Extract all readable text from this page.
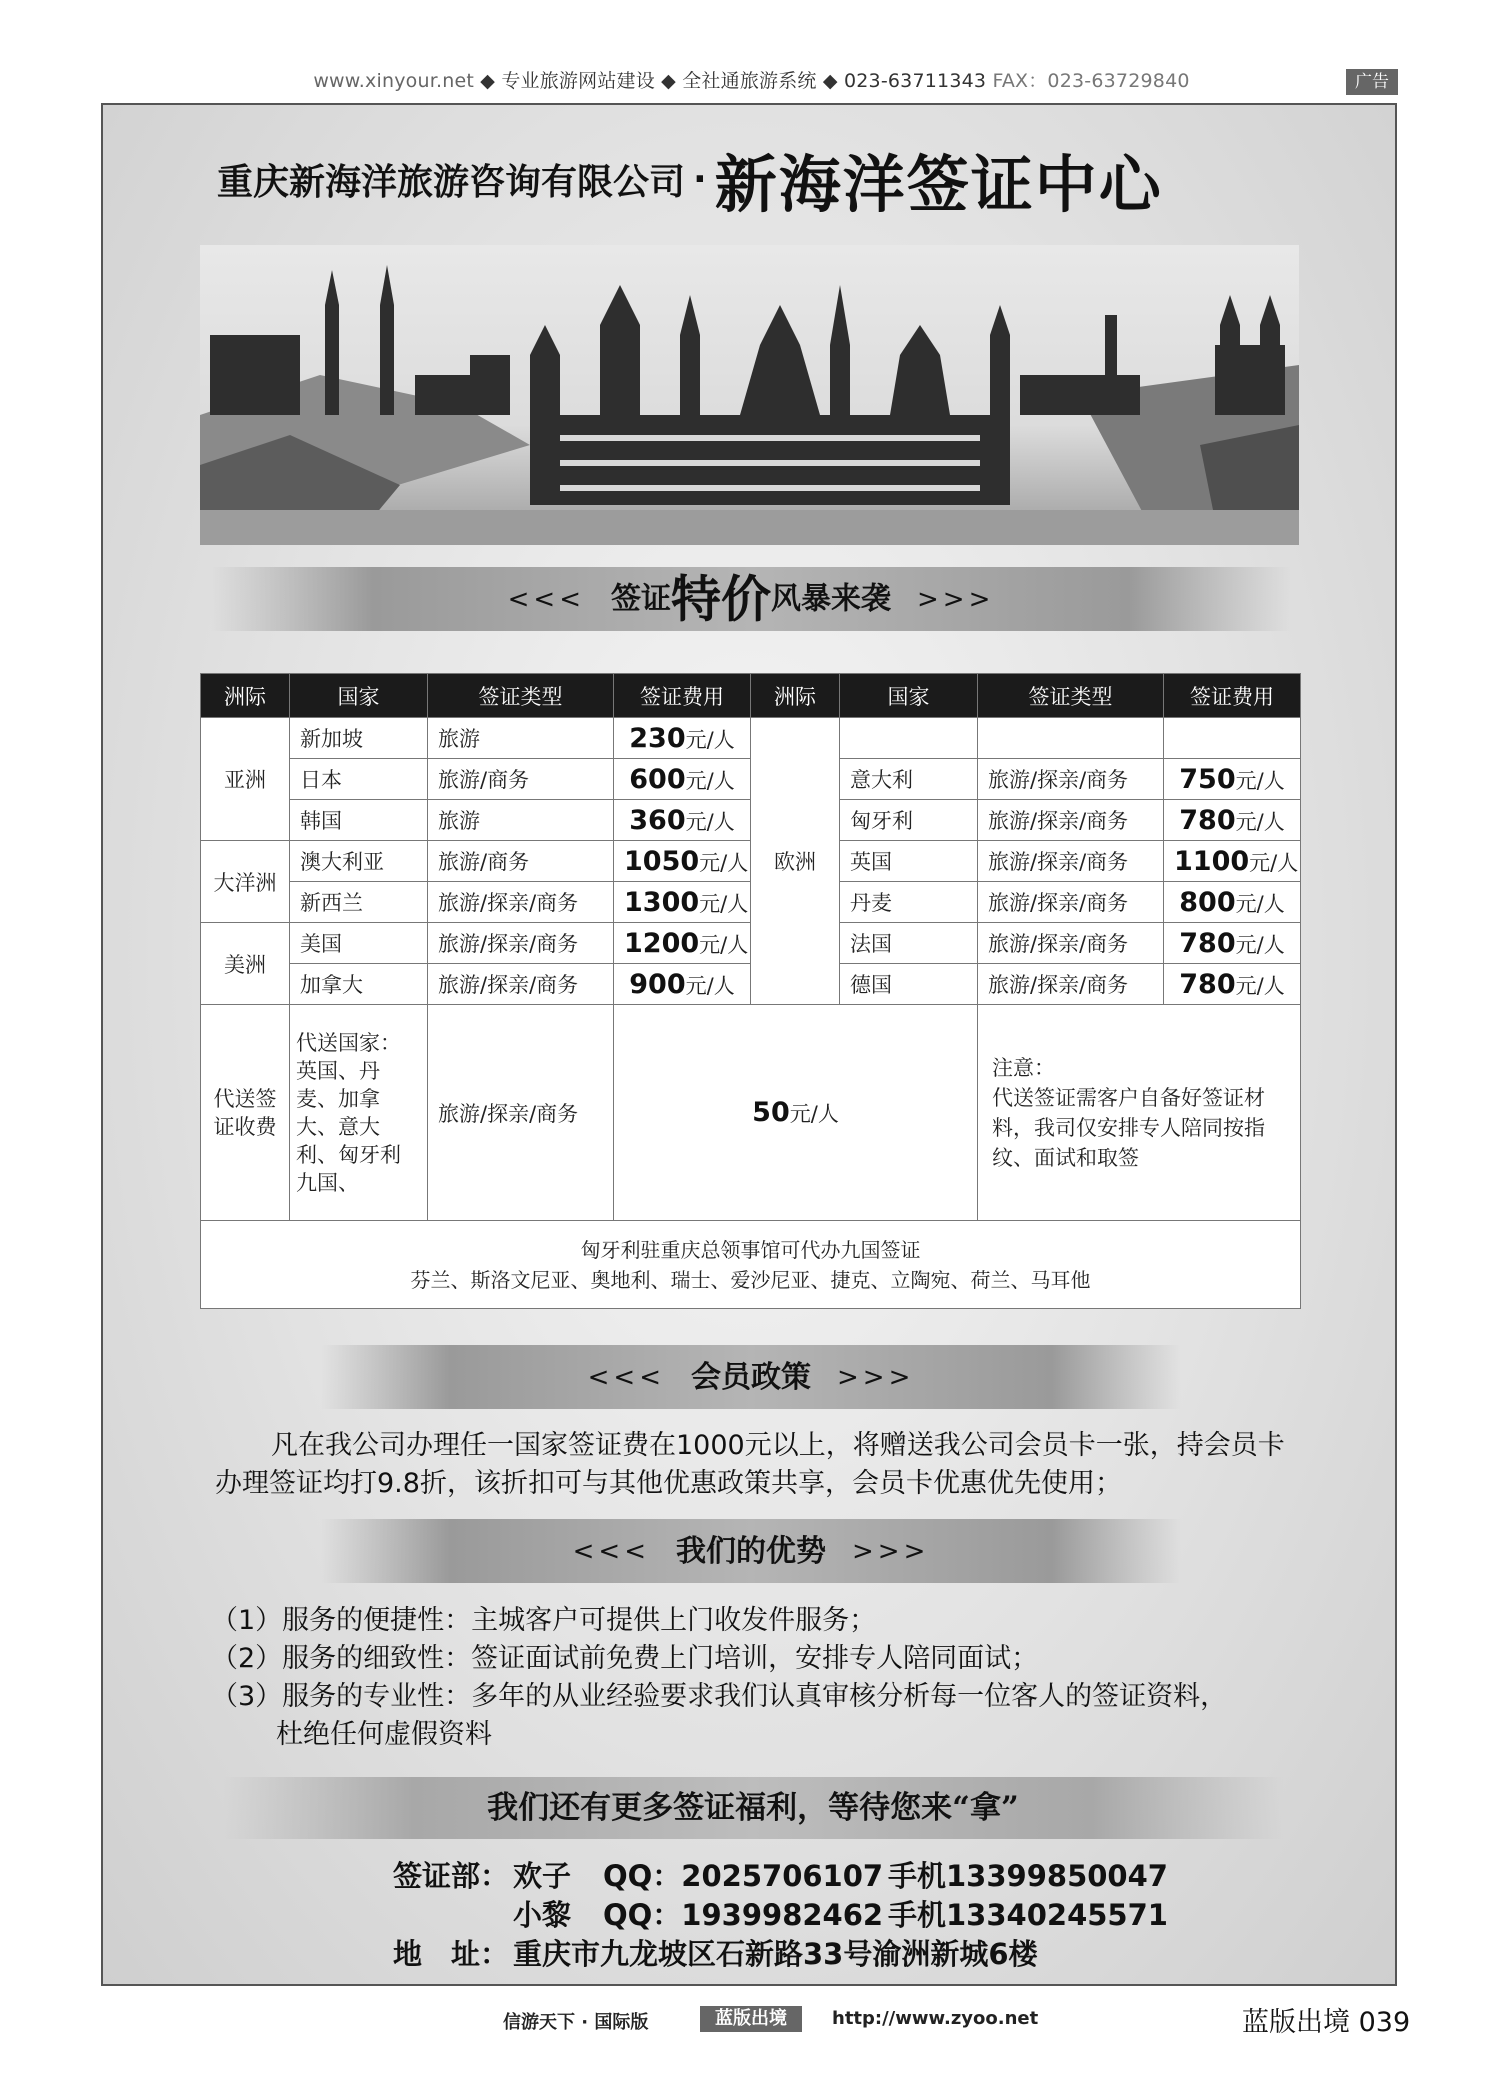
www.xinyour.net ◆ 专业旅游网站建设 ◆ 全社通旅游系统 ◆ 023-63711343 FAX：023-63729840	广告
重庆新海洋旅游咨询有限公司 · 新海洋签证中心
<<< 签证特价风暴来袭 >>>
洲际	国家	签证类型	签证费用	洲际	国家	签证类型	签证费用
亚洲	新加坡	旅游	230元/人	欧洲			
	日本	旅游/商务	600元/人		意大利	旅游/探亲/商务	750元/人
	韩国	旅游	360元/人		匈牙利	旅游/探亲/商务	780元/人
大洋洲	澳大利亚	旅游/商务	1050元/人		英国	旅游/探亲/商务	1100元/人
	新西兰	旅游/探亲/商务	1300元/人		丹麦	旅游/探亲/商务	800元/人
美洲	美国	旅游/探亲/商务	1200元/人		法国	旅游/探亲/商务	780元/人
	加拿大	旅游/探亲/商务	900元/人		德国	旅游/探亲/商务	780元/人
代送签证收费	代送国家：英国、丹麦、加拿大、意大利、匈牙利九国、	旅游/探亲/商务	50元/人			注意：
代送签证需客户自备好签证材料，我司仅安排专人陪同按指纹、面试和取签	

匈牙利驻重庆总领事馆可代办九国签证
芬兰、斯洛文尼亚、奥地利、瑞士、爱沙尼亚、捷克、立陶宛、荷兰、马耳他							
<<< 会员政策 >>>
凡在我公司办理任一国家签证费在1000元以上，将赠送我公司会员卡一张，持会员卡办理签证均打9.8折，该折扣可与其他优惠政策共享，会员卡优惠优先使用；
<<< 我们的优势 >>>
（1）服务的便捷性：主城客户可提供上门收发件服务；
（2）服务的细致性：签证面试前免费上门培训，安排专人陪同面试；
（3）服务的专业性：多年的从业经验要求我们认真审核分析每一位客人的签证资料，
杜绝任何虚假资料
我们还有更多签证福利，等待您来“拿”
签证部： 欢子 QQ：2025706107 手机13399850047
小黎 QQ：1939982462 手机13340245571
地　址： 重庆市九龙坡区石新路33号渝洲新城6楼
信游天下 · 国际版	蓝版出境	http://www.zyoo.net	蓝版出境 039
